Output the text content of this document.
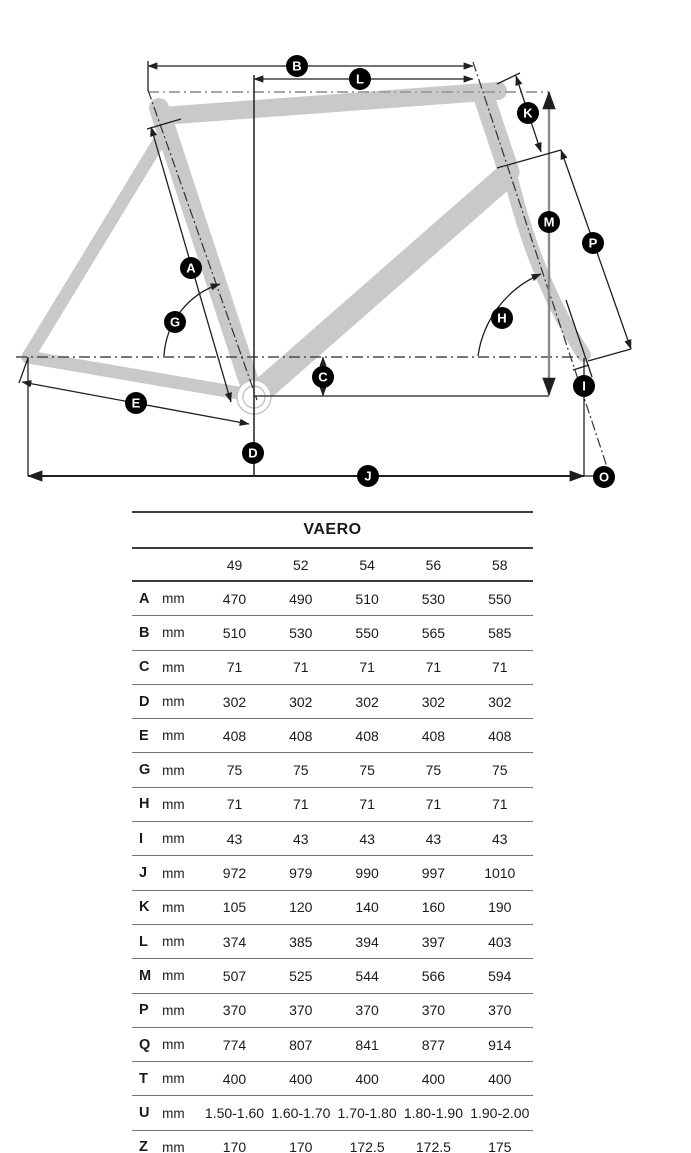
B
L
K
M
P
A
H
G
C
I
E
D
J	O
VAERO						
		49	52	54	56	58
A	mm	470	490	510	530	550
B	mm	510	530	550	565	585
C	mm	71	71	71	71	71
D	mm	302	302	302	302	302
E	mm	408	408	408	408	408
G	mm	75	75	75	75	75
H	mm	71	71	71	71	71
I	mm	43	43	43	43	43
J	mm	972	979	990	997	1010
K	mm	105	120	140	160	190
L	mm	374	385	394	397	403
M	mm	507	525	544	566	594
P	mm	370	370	370	370	370
Q	mm	774	807	841	877	914
T	mm	400	400	400	400	400
U	mm	1.50-1.60	1.60-1.70	1.70-1.80	1.80-1.90	1.90-2.00
Z	mm	170	170	172.5	172.5	175
